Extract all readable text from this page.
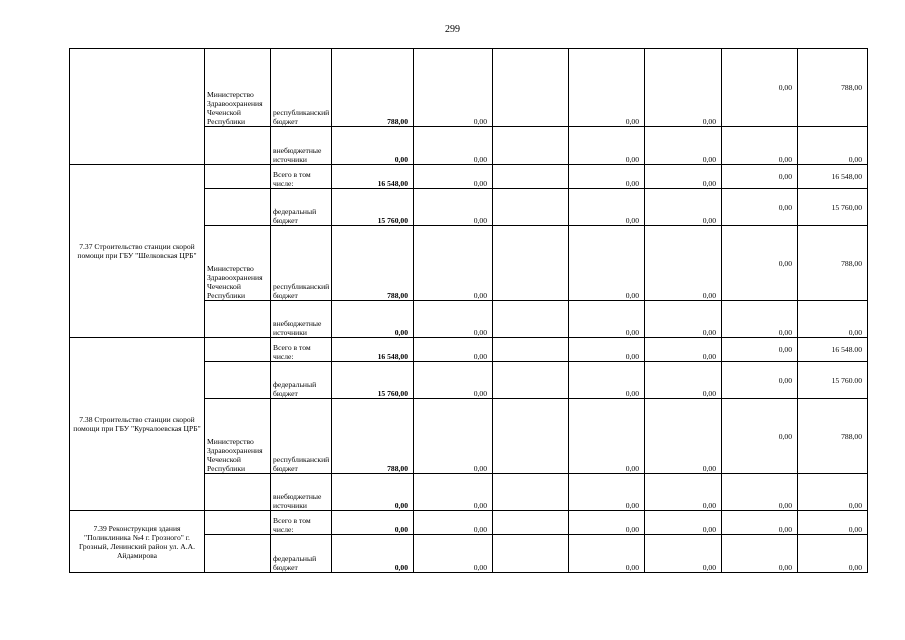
299
	Министерство Здравоохранения Чеченской Республики	республиканский бюджет	788,00	0,00		0,00	0,00	0,00	788,00
		внебюджетные источники	0,00	0,00		0,00	0,00	0,00	0,00
7.37 Строительство станции скорой помощи при ГБУ "Шелковская ЦРБ"		Всего в том числе:	16 548,00	0,00		0,00	0,00	0,00	16 548,00
		федеральный бюджет	15 760,00	0,00		0,00	0,00	0,00	15 760,00
	Министерство Здравоохранения Чеченской Республики	республиканский бюджет	788,00	0,00		0,00	0,00	0,00	788,00
		внебюджетные источники	0,00	0,00		0,00	0,00	0,00	0,00
7.38 Строительство станции скорой помощи при ГБУ "Курчалоевская ЦРБ"		Всего в том числе:	16 548,00	0,00		0,00	0,00	0,00	16 548.00
		федеральный бюджет	15 760,00	0,00		0,00	0,00	0,00	15 760.00
	Министерство Здравоохранения Чеченской Республики	республиканский бюджет	788,00	0,00		0,00	0,00	0,00	788,00
		внебюджетные источники	0,00	0,00		0,00	0,00	0,00	0,00
7.39 Реконструкция здания "Поликлиника №4 г. Грозного" г. Грозный, Ленинский район ул. А.А. Айдамирова		Всего в том числе:	0,00	0,00		0,00	0,00	0,00	0,00
		федеральный бюджет	0,00	0,00		0,00	0,00	0,00	0,00
